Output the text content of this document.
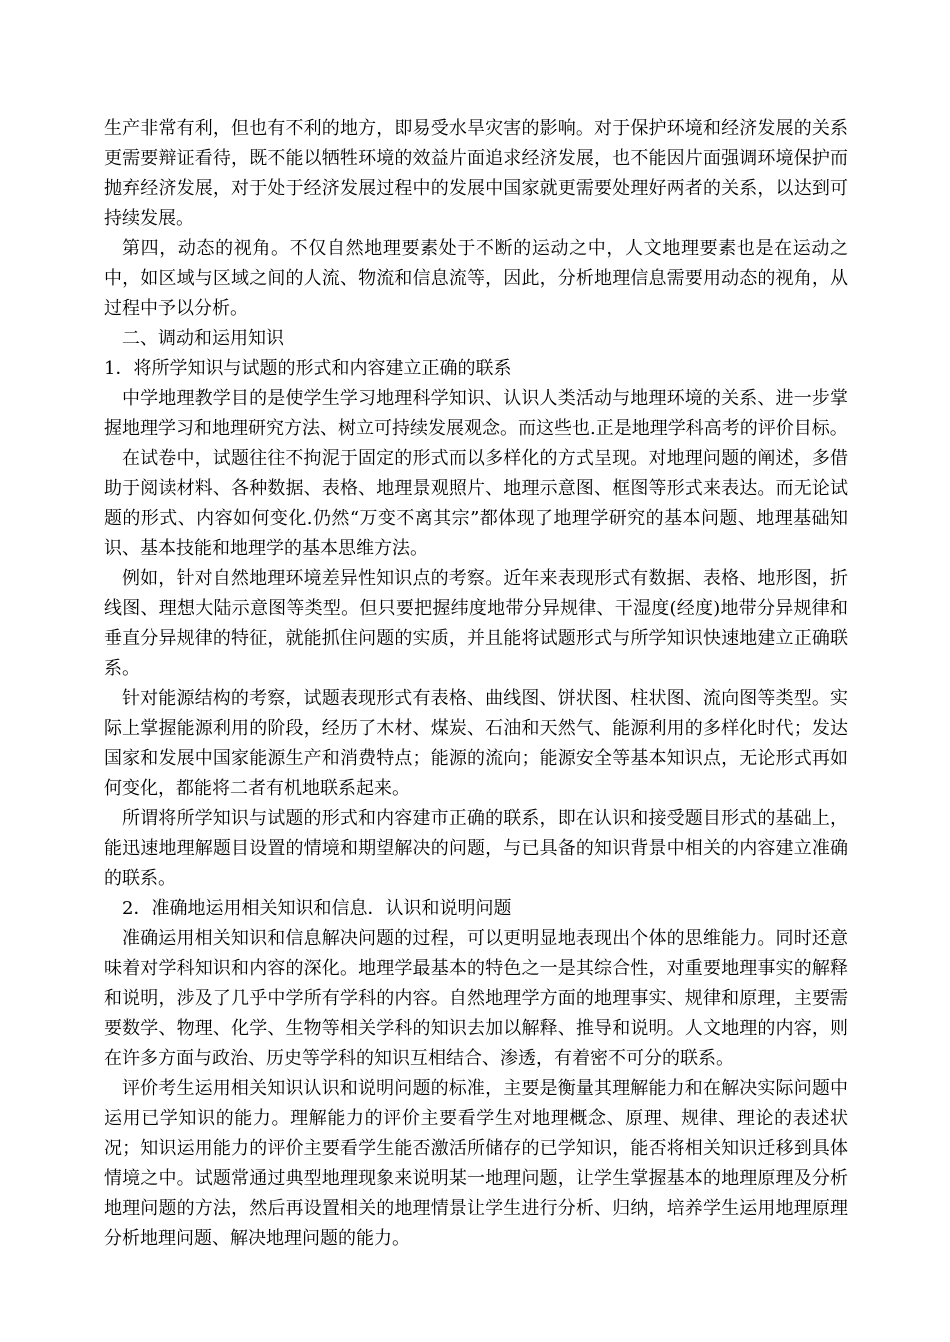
生产非常有利，但也有不利的地方，即易受水旱灾害的影响。对于保护环境和经济发展的关系更需要辩证看待，既不能以牺牲环境的效益片面追求经济发展，也不能因片面强调环境保护而抛弃经济发展，对于处于经济发展过程中的发展中国家就更需要处理好两者的关系，以达到可持续发展。

第四，动态的视角。不仅自然地理要素处于不断的运动之中，人文地理要素也是在运动之中，如区域与区域之间的人流、物流和信息流等，因此，分析地理信息需要用动态的视角，从过程中予以分析。

二、调动和运用知识

1．将所学知识与试题的形式和内容建立正确的联系

中学地理教学目的是使学生学习地理科学知识、认识人类活动与地理环境的关系、进一步掌握地理学习和地理研究方法、树立可持续发展观念。而这些也.正是地理学科高考的评价目标。

在试卷中，试题往往不拘泥于固定的形式而以多样化的方式呈现。对地理问题的阐述，多借助于阅读材料、各种数据、表格、地理景观照片、地理示意图、框图等形式来表达。而无论试题的形式、内容如何变化.仍然“万变不离其宗”都体现了地理学研究的基本问题、地理基础知识、基本技能和地理学的基本思维方法。

例如，针对自然地理环境差异性知识点的考察。近年来表现形式有数据、表格、地形图，折线图、理想大陆示意图等类型。但只要把握纬度地带分异规律、干湿度(经度)地带分异规律和垂直分异规律的特征，就能抓住问题的实质，并且能将试题形式与所学知识快速地建立正确联系。

针对能源结构的考察，试题表现形式有表格、曲线图、饼状图、柱状图、流向图等类型。实际上掌握能源利用的阶段，经历了木材、煤炭、石油和天然气、能源利用的多样化时代；发达国家和发展中国家能源生产和消费特点；能源的流向；能源安全等基本知识点，无论形式再如何变化，都能将二者有机地联系起来。

所谓将所学知识与试题的形式和内容建市正确的联系，即在认识和接受题目形式的基础上，能迅速地理解题目设置的情境和期望解决的问题，与已具备的知识背景中相关的内容建立准确的联系。

2．准确地运用相关知识和信息．认识和说明问题

准确运用相关知识和信息解决问题的过程，可以更明显地表现出个体的思维能力。同时还意味着对学科知识和内容的深化。地理学最基本的特色之一是其综合性，对重要地理事实的解释和说明，涉及了几乎中学所有学科的内容。自然地理学方面的地理事实、规律和原理，主要需要数学、物理、化学、生物等相关学科的知识去加以解释、推导和说明。人文地理的内容，则在许多方面与政治、历史等学科的知识互相结合、渗透，有着密不可分的联系。

评价考生运用相关知识认识和说明问题的标准，主要是衡量其理解能力和在解决实际问题中运用已学知识的能力。理解能力的评价主要看学生对地理概念、原理、规律、理论的表述状况；知识运用能力的评价主要看学生能否激活所储存的已学知识，能否将相关知识迁移到具体情境之中。试题常通过典型地理现象来说明某一地理问题，让学生掌握基本的地理原理及分析地理问题的方法，然后再设置相关的地理情景让学生进行分析、归纳，培养学生运用地理原理分析地理问题、解决地理问题的能力。
